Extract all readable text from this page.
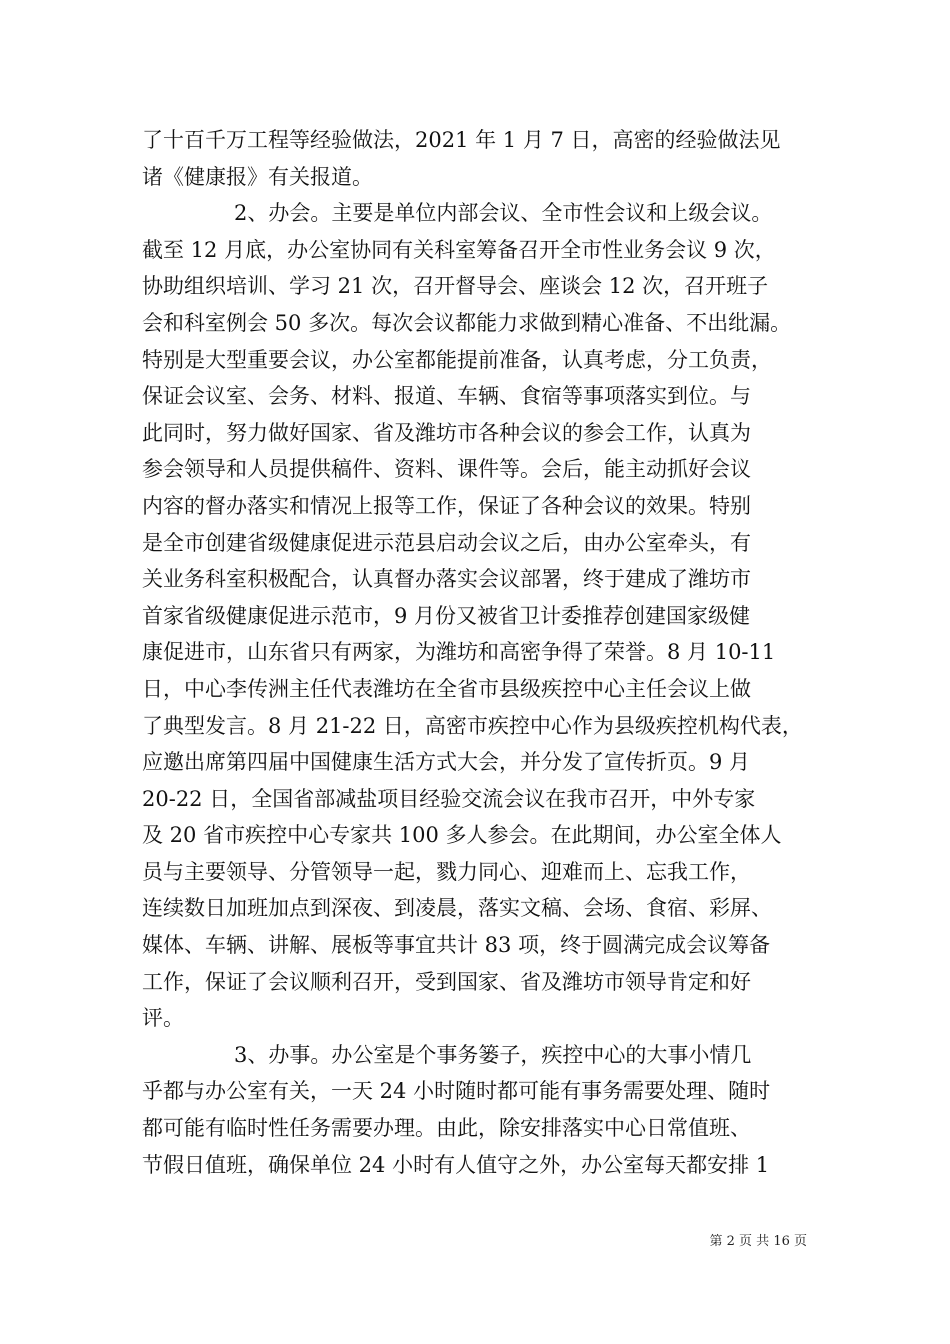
了十百千万工程等经验做法，2021 年 1 月 7 日，高密的经验做法见
诸《健康报》有关报道。
2、办会。主要是单位内部会议、全市性会议和上级会议。
截至 12 月底，办公室协同有关科室筹备召开全市性业务会议 9 次，
协助组织培训、学习 21 次，召开督导会、座谈会 12 次，召开班子
会和科室例会 50 多次。每次会议都能力求做到精心准备、不出纰漏。
特别是大型重要会议，办公室都能提前准备，认真考虑，分工负责，
保证会议室、会务、材料、报道、车辆、食宿等事项落实到位。与
此同时，努力做好国家、省及潍坊市各种会议的参会工作，认真为
参会领导和人员提供稿件、资料、课件等。会后，能主动抓好会议
内容的督办落实和情况上报等工作，保证了各种会议的效果。特别
是全市创建省级健康促进示范县启动会议之后，由办公室牵头，有
关业务科室积极配合，认真督办落实会议部署，终于建成了潍坊市
首家省级健康促进示范市，9 月份又被省卫计委推荐创建国家级健
康促进市，山东省只有两家，为潍坊和高密争得了荣誉。8 月 10-11
日，中心李传洲主任代表潍坊在全省市县级疾控中心主任会议上做
了典型发言。8 月 21-22 日，高密市疾控中心作为县级疾控机构代表，
应邀出席第四届中国健康生活方式大会，并分发了宣传折页。9 月
20-22 日，全国省部减盐项目经验交流会议在我市召开，中外专家
及 20 省市疾控中心专家共 100 多人参会。在此期间，办公室全体人
员与主要领导、分管领导一起，戮力同心、迎难而上、忘我工作，
连续数日加班加点到深夜、到凌晨，落实文稿、会场、食宿、彩屏、
媒体、车辆、讲解、展板等事宜共计 83 项，终于圆满完成会议筹备
工作，保证了会议顺利召开，受到国家、省及潍坊市领导肯定和好
评。
3、办事。办公室是个事务篓子，疾控中心的大事小情几
乎都与办公室有关，一天 24 小时随时都可能有事务需要处理、随时
都可能有临时性任务需要办理。由此，除安排落实中心日常值班、
节假日值班，确保单位 24 小时有人值守之外，办公室每天都安排 1
第 2 页 共 16 页
